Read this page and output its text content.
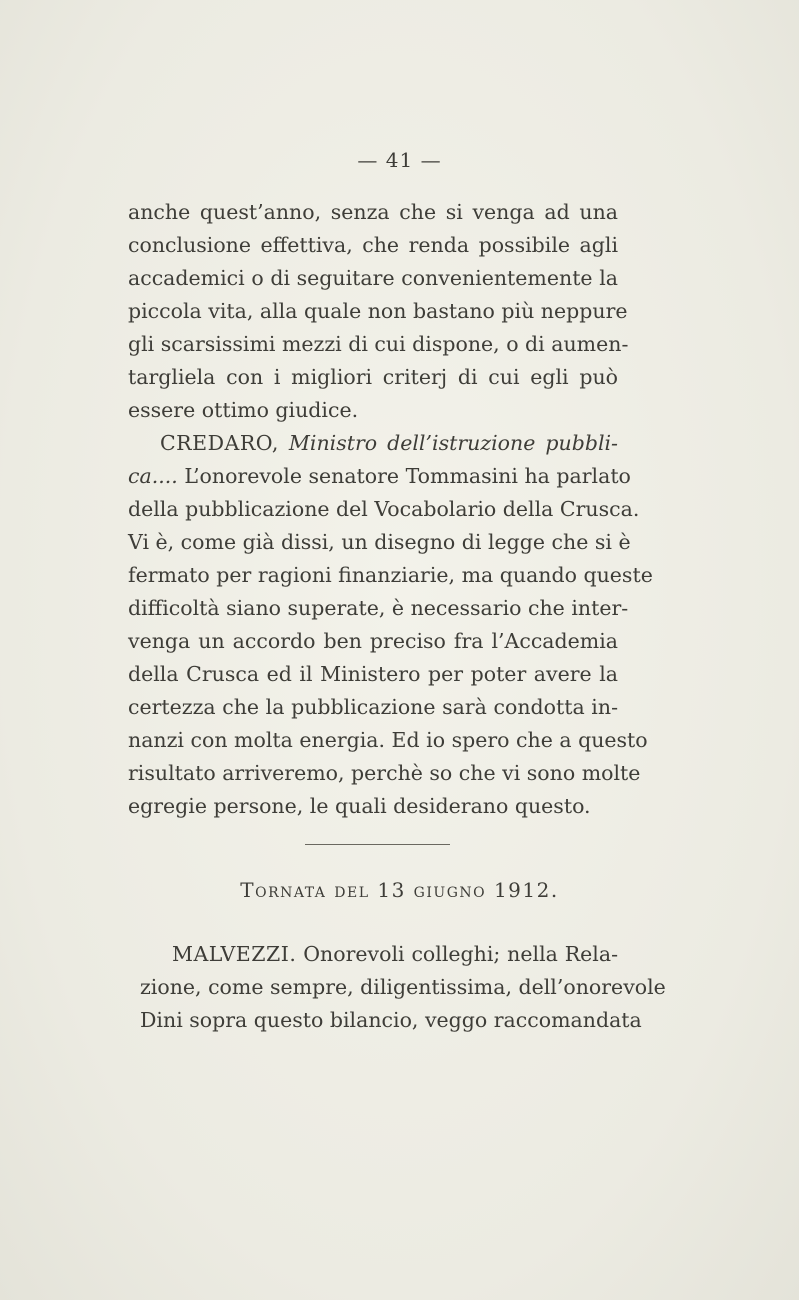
— 41 —
anche quest’anno, senza che si venga ad una
conclusione effettiva, che renda possibile agli
accademici o di seguitare convenientemente la
piccola vita, alla quale non bastano più neppure
gli scarsissimi mezzi di cui dispone, o di aumen-
targliela con i migliori criterj di cui egli può
essere ottimo giudice.
CREDARO, Ministro dell’istruzione pubbli-
ca.... L’onorevole senatore Tommasini ha parlato
della pubblicazione del Vocabolario della Crusca.
Vi è, come già dissi, un disegno di legge che si è
fermato per ragioni finanziarie, ma quando queste
difficoltà siano superate, è necessario che inter-
venga un accordo ben preciso fra l’Accademia
della Crusca ed il Ministero per poter avere la
certezza che la pubblicazione sarà condotta in-
nanzi con molta energia. Ed io spero che a questo
risultato arriveremo, perchè so che vi sono molte
egregie persone, le quali desiderano questo.
Tornata del 13 giugno 1912.
MALVEZZI. Onorevoli colleghi; nella Rela-
zione, come sempre, diligentissima, dell’onorevole
Dini sopra questo bilancio, veggo raccomandata
